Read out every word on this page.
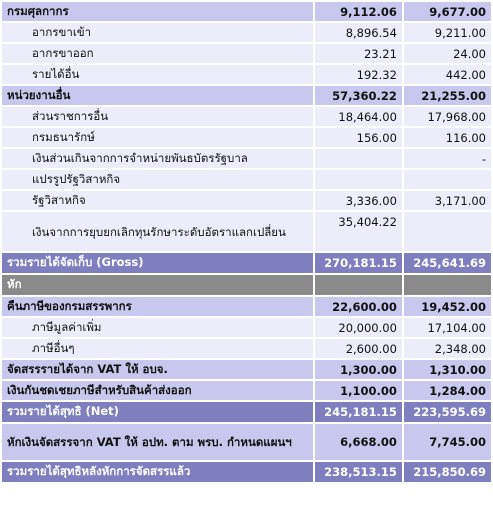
กรมศุลกากร	9,112.06	9,677.00
อากรขาเข้า	8,896.54	9,211.00
อากรขาออก	23.21	24.00
รายได้อื่น	192.32	442.00
หน่วยงานอื่น	57,360.22	21,255.00
ส่วนราชการอื่น	18,464.00	17,968.00
กรมธนารักษ์	156.00	116.00
เงินส่วนเกินจากการจำหน่ายพันธบัตรรัฐบาล		-
แปรรูปรัฐวิสาหกิจ		
รัฐวิสาหกิจ	3,336.00	3,171.00
เงินจากการยุบยกเลิกทุนรักษาระดับอัตราแลกเปลี่ยน	35,404.22	
รวมรายได้จัดเก็บ (Gross)	270,181.15	245,641.69
หัก		
คืนภาษีของกรมสรรพากร	22,600.00	19,452.00
ภาษีมูลค่าเพิ่ม	20,000.00	17,104.00
ภาษีอื่นๆ	2,600.00	2,348.00
จัดสรรรายได้จาก VAT ให้ อบจ.	1,300.00	1,310.00
เงินกันชดเชยภาษีสำหรับสินค้าส่งออก	1,100.00	1,284.00
รวมรายได้สุทธิ (Net)	245,181.15	223,595.69
หักเงินจัดสรรจาก VAT ให้ อปท. ตาม พรบ. กำหนดแผนฯ	6,668.00	7,745.00
รวมรายได้สุทธิหลังหักการจัดสรรแล้ว	238,513.15	215,850.69
